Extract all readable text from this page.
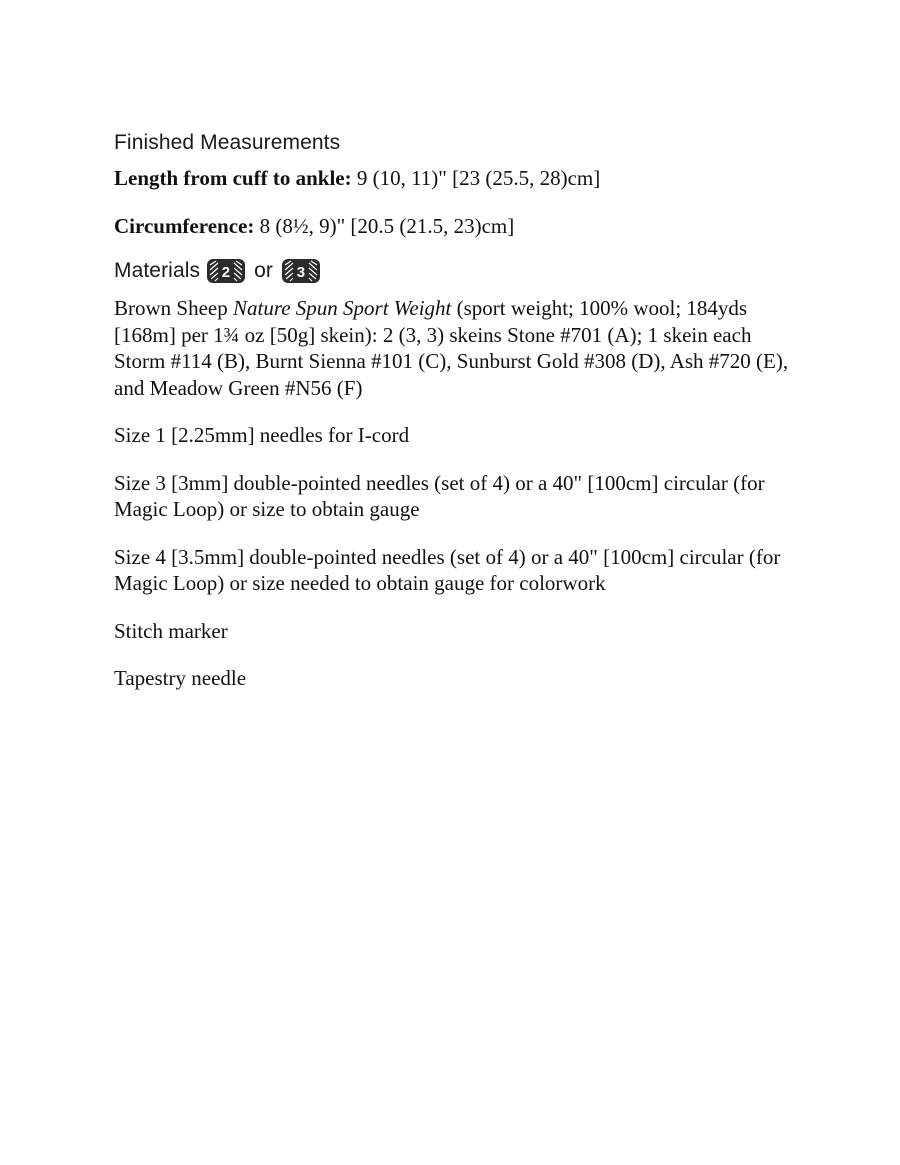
Finished Measurements

Length from cuff to ankle: 9 (10, 11)" [23 (25.5, 28)cm]

Circumference: 8 (8½, 9)" [20.5 (21.5, 23)cm]

Materials 2 or 3

Brown Sheep Nature Spun Sport Weight (sport weight; 100% wool; 184yds [168m] per 1¾ oz [50g] skein): 2 (3, 3) skeins Stone #701 (A); 1 skein each Storm #114 (B), Burnt Sienna #101 (C), Sunburst Gold #308 (D), Ash #720 (E), and Meadow Green #N56 (F)

Size 1 [2.25mm] needles for I-cord

Size 3 [3mm] double-pointed needles (set of 4) or a 40" [100cm] circular (for Magic Loop) or size to obtain gauge

Size 4 [3.5mm] double-pointed needles (set of 4) or a 40" [100cm] circular (for Magic Loop) or size needed to obtain gauge for colorwork

Stitch marker

Tapestry needle
